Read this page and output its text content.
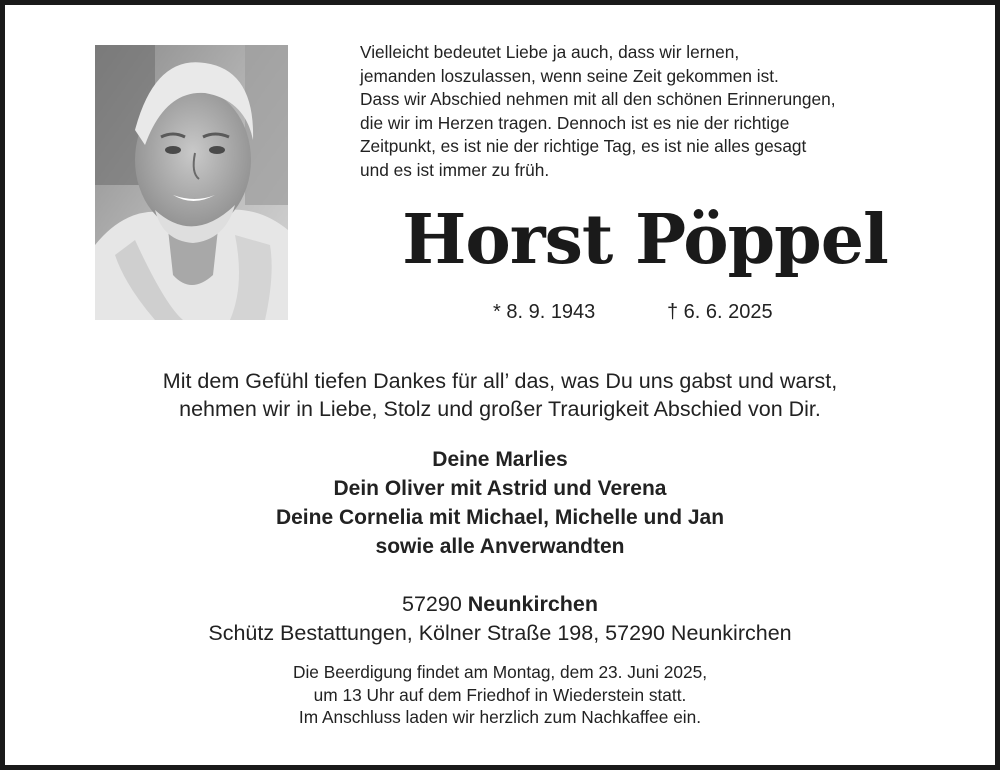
Vielleicht bedeutet Liebe ja auch, dass wir lernen,
jemanden loszulassen, wenn seine Zeit gekommen ist.
Dass wir Abschied nehmen mit all den schönen Erinnerungen,
die wir im Herzen tragen. Dennoch ist es nie der richtige
Zeitpunkt, es ist nie der richtige Tag, es ist nie alles gesagt
und es ist immer zu früh.
Horst Pöppel
* 8. 9. 1943	† 6. 6. 2025
Mit dem Gefühl tiefen Dankes für all’ das, was Du uns gabst und warst,
nehmen wir in Liebe, Stolz und großer Traurigkeit Abschied von Dir.
Deine Marlies
Dein Oliver mit Astrid und Verena
Deine Cornelia mit Michael, Michelle und Jan
sowie alle Anverwandten
57290 Neunkirchen
Schütz Bestattungen, Kölner Straße 198, 57290 Neunkirchen
Die Beerdigung findet am Montag, dem 23. Juni 2025,
um 13 Uhr auf dem Friedhof in Wiederstein statt.
Im Anschluss laden wir herzlich zum Nachkaffee ein.
